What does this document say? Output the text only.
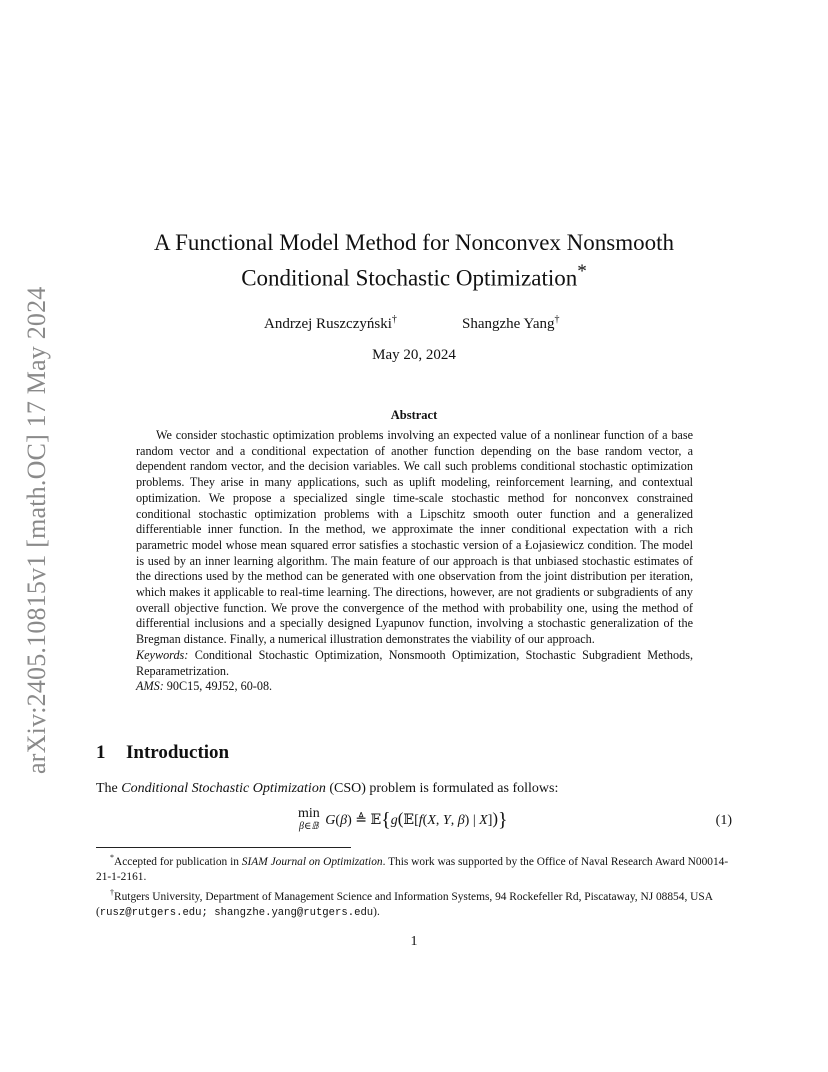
arXiv:2405.10815v1 [math.OC] 17 May 2024
A Functional Model Method for Nonconvex Nonsmooth
Conditional Stochastic Optimization*
Andrzej Ruszczyński†	Shangzhe Yang†
May 20, 2024
Abstract

We consider stochastic optimization problems involving an expected value of a nonlinear function of a base random vector and a conditional expectation of another function depending on the base random vector, a dependent random vector, and the decision variables. We call such problems conditional stochastic optimization problems. They arise in many applications, such as uplift modeling, reinforcement learning, and contextual optimization. We propose a specialized single time-scale stochastic method for nonconvex constrained conditional stochastic optimization problems with a Lipschitz smooth outer function and a generalized differentiable inner function. In the method, we approximate the inner conditional expectation with a rich parametric model whose mean squared error satisfies a stochastic version of a Łojasiewicz condition. The model is used by an inner learning algorithm. The main feature of our approach is that unbiased stochastic estimates of the directions used by the method can be generated with one observation from the joint distribution per iteration, which makes it applicable to real-time learning. The directions, however, are not gradients or subgradients of any overall objective function. We prove the convergence of the method with probability one, using the method of differential inclusions and a specially designed Lyapunov function, involving a stochastic generalization of the Bregman distance. Finally, a numerical illustration demonstrates the viability of our approach.

Keywords: Conditional Stochastic Optimization, Nonsmooth Optimization, Stochastic Subgradient Methods, Reparametrization.

AMS: 90C15, 49J52, 60-08.

1 Introduction
The Conditional Stochastic Optimization (CSO) problem is formulated as follows:
min
β∈𝔹 G(β) ≜ 𝔼{g(𝔼[f(X, Y, β) | X])}	(1)

*Accepted for publication in SIAM Journal on Optimization. This work was supported by the Office of Naval Research Award N00014-21-1-2161.

†Rutgers University, Department of Management Science and Information Systems, 94 Rockefeller Rd, Piscataway, NJ 08854, USA (rusz@rutgers.edu; shangzhe.yang@rutgers.edu).

1
